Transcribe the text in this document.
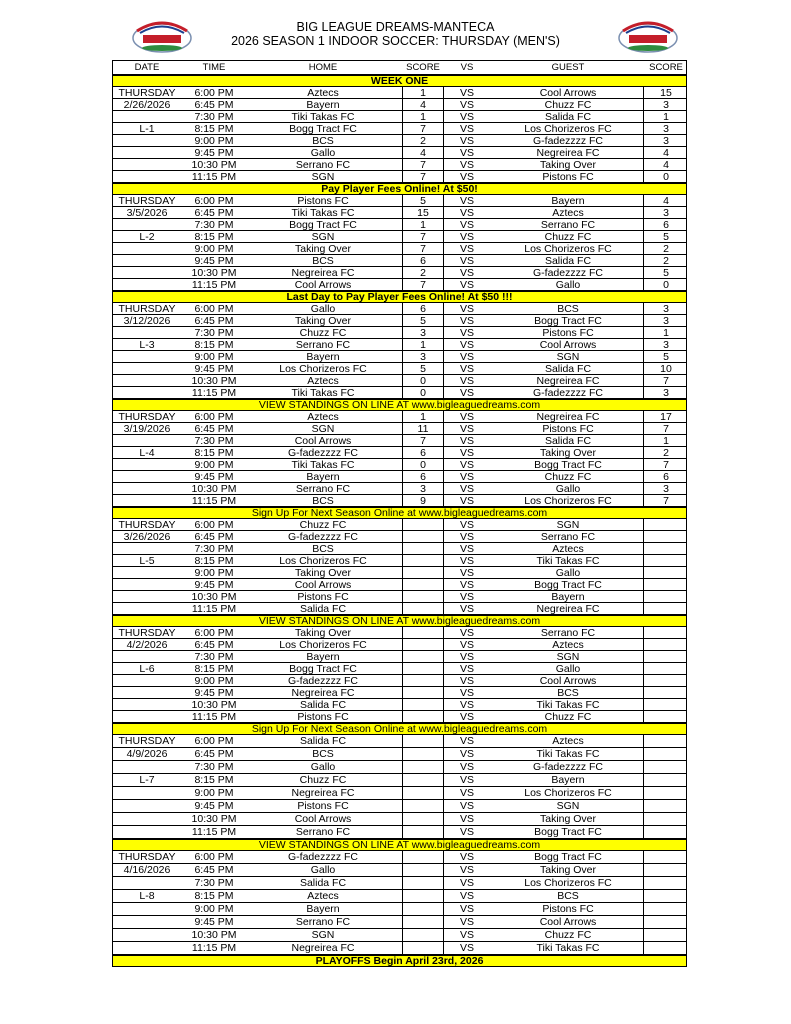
BIG LEAGUE DREAMS-MANTECA
2026 SEASON 1 INDOOR SOCCER: THURSDAY (MEN'S)
DATE	TIME	HOME	SCORE VS	GUEST	SCORE
WEEK ONE
THURSDAY 6:00 PM	Aztecs	1	VS	Cool Arrows	15
2/26/2026 6:45 PM	Bayern	4	VS	Chuzz FC	3
7:30 PM	Tiki Takas FC	1	VS	Salida FC	1
L-1	8:15 PM	Bogg Tract FC	7	VS	Los Chorizeros FC	3
9:00 PM	BCS	2	VS	G-fadezzzz FC	3
9:45 PM	Gallo	4	VS	Negreirea FC	4
10:30 PM	Serrano FC	7	VS	Taking Over	4
11:15 PM	SGN	7	VS	Pistons FC	0
Pay Player Fees Online! At $50!
THURSDAY 6:00 PM	Pistons FC	5	VS	Bayern	4
3/5/2026	6:45 PM	Tiki Takas FC	15	VS	Aztecs	3
7:30 PM	Bogg Tract FC	1	VS	Serrano FC	6
L-2	8:15 PM	SGN	7	VS	Chuzz FC	5
9:00 PM	Taking Over	7	VS	Los Chorizeros FC	2
9:45 PM	BCS	6	VS	Salida FC	2
10:30 PM	Negreirea FC	2	VS	G-fadezzzz FC	5
11:15 PM	Cool Arrows	7	VS	Gallo	0
Last Day to Pay Player Fees Online! At $50 !!!
THURSDAY 6:00 PM	Gallo	6	VS	BCS	3
3/12/2026 6:45 PM	Taking Over	5	VS	Bogg Tract FC	3
7:30 PM	Chuzz FC	3	VS	Pistons FC	1
L-3	8:15 PM	Serrano FC	1	VS	Cool Arrows	3
9:00 PM	Bayern	3	VS	SGN	5
9:45 PM	Los Chorizeros FC	5	VS	Salida FC	10
10:30 PM	Aztecs	0	VS	Negreirea FC	7
11:15 PM	Tiki Takas FC	0	VS	G-fadezzzz FC	3
VIEW STANDINGS ON LINE AT www.bigleaguedreams.com
THURSDAY 6:00 PM	Aztecs	1	VS	Negreirea FC	17
3/19/2026 6:45 PM	SGN	11	VS	Pistons FC	7
7:30 PM	Cool Arrows	7	VS	Salida FC	1
L-4	8:15 PM	G-fadezzzz FC	6	VS	Taking Over	2
9:00 PM	Tiki Takas FC	0	VS	Bogg Tract FC	7
9:45 PM	Bayern	6	VS	Chuzz FC	6
10:30 PM	Serrano FC	3	VS	Gallo	3
11:15 PM	BCS	9	VS	Los Chorizeros FC	7
Sign Up For Next Season Online at www.bigleaguedreams.com
THURSDAY 6:00 PM	Chuzz FC	VS	SGN
3/26/2026 6:45 PM	G-fadezzzz FC	VS	Serrano FC
7:30 PM	BCS	VS	Aztecs
L-5	8:15 PM	Los Chorizeros FC	VS	Tiki Takas FC
9:00 PM	Taking Over	VS	Gallo
9:45 PM	Cool Arrows	VS	Bogg Tract FC
10:30 PM	Pistons FC	VS	Bayern
11:15 PM	Salida FC	VS	Negreirea FC
VIEW STANDINGS ON LINE AT www.bigleaguedreams.com
THURSDAY 6:00 PM	Taking Over	VS	Serrano FC
4/2/2026	6:45 PM	Los Chorizeros FC	VS	Aztecs
7:30 PM	Bayern	VS	SGN
L-6	8:15 PM	Bogg Tract FC	VS	Gallo
9:00 PM	G-fadezzzz FC	VS	Cool Arrows
9:45 PM	Negreirea FC	VS	BCS
10:30 PM	Salida FC	VS	Tiki Takas FC
11:15 PM	Pistons FC	VS	Chuzz FC
Sign Up For Next Season Online at www.bigleaguedreams.com
THURSDAY 6:00 PM	Salida FC	VS	Aztecs
4/9/2026	6:45 PM	BCS	VS	Tiki Takas FC
7:30 PM	Gallo	VS	G-fadezzzz FC
L-7	8:15 PM	Chuzz FC	VS	Bayern
9:00 PM	Negreirea FC	VS	Los Chorizeros FC
9:45 PM	Pistons FC	VS	SGN
10:30 PM	Cool Arrows	VS	Taking Over
11:15 PM	Serrano FC	VS	Bogg Tract FC
VIEW STANDINGS ON LINE AT www.bigleaguedreams.com
THURSDAY 6:00 PM	G-fadezzzz FC	VS	Bogg Tract FC
4/16/2026 6:45 PM	Gallo	VS	Taking Over
7:30 PM	Salida FC	VS	Los Chorizeros FC
L-8	8:15 PM	Aztecs	VS	BCS
9:00 PM	Bayern	VS	Pistons FC
9:45 PM	Serrano FC	VS	Cool Arrows
10:30 PM	SGN	VS	Chuzz FC
11:15 PM	Negreirea FC	VS	Tiki Takas FC
PLAYOFFS Begin April 23rd, 2026
